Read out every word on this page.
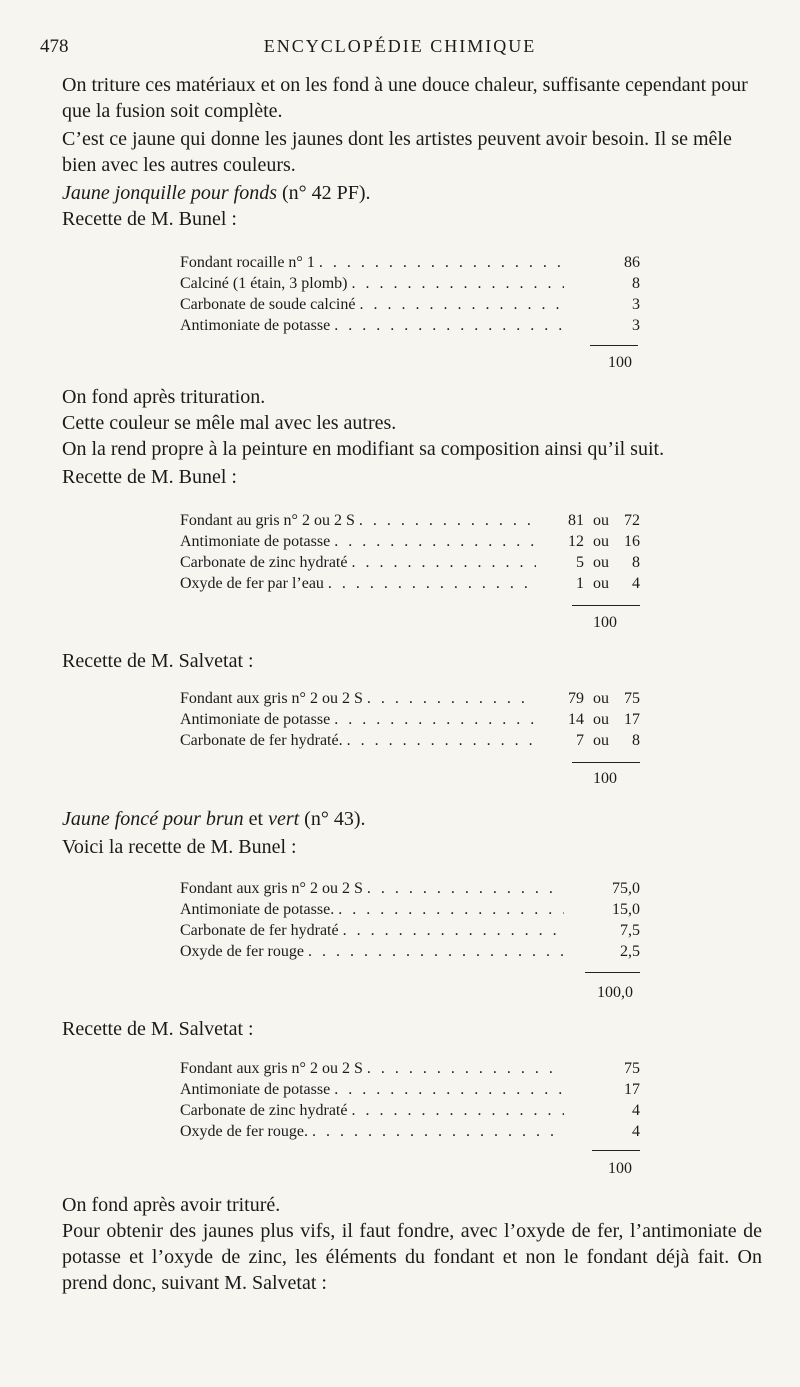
478	ENCYCLOPÉDIE CHIMIQUE
On triture ces matériaux et on les fond à une douce chaleur, suffisante cependant pour que la fusion soit complète.
C’est ce jaune qui donne les jaunes dont les artistes peuvent avoir besoin. Il se mêle bien avec les autres couleurs.
Jaune jonquille pour fonds (n° 42 PF).
Recette de M. Bunel :
Fondant rocaille n° 1 . . .	86
Calciné (1 étain, 3 plomb) . . .	8
Carbonate de soude calciné . . .	3
Antimoniate de potasse . . .	3
100
On fond après trituration.
Cette couleur se mêle mal avec les autres.
On la rend propre à la peinture en modifiant sa composition ainsi qu’il suit.
Recette de M. Bunel :
Fondant au gris n° 2 ou 2 S . . .	81 ou 72
Antimoniate de potasse . . .	12 ou 16
Carbonate de zinc hydraté . . .	5 ou	8
Oxyde de fer par l’eau . . .	1 ou	4
100
Recette de M. Salvetat :
Fondant aux gris n° 2 ou 2 S . . .	79 ou 75
Antimoniate de potasse . . .	14 ou 17
Carbonate de fer hydraté. . . .	7 ou	8
100
Jaune foncé pour brun et vert (n° 43).
Voici la recette de M. Bunel :
Fondant aux gris n° 2 ou 2 S . . .	75,0
Antimoniate de potasse. . . .	15,0
Carbonate de fer hydraté . . .	7,5
Oxyde de fer rouge . . .	2,5
100,0
Recette de M. Salvetat :
Fondant aux gris n° 2 ou 2 S . . .	75
Antimoniate de potasse . . .	17
Carbonate de zinc hydraté . . .	4
Oxyde de fer rouge. . . .	4
100
On fond après avoir trituré.
Pour obtenir des jaunes plus vifs, il faut fondre, avec l’oxyde de fer, l’antimoniate de potasse et l’oxyde de zinc, les éléments du fondant et non le fondant déjà fait. On prend donc, suivant M. Salvetat :
